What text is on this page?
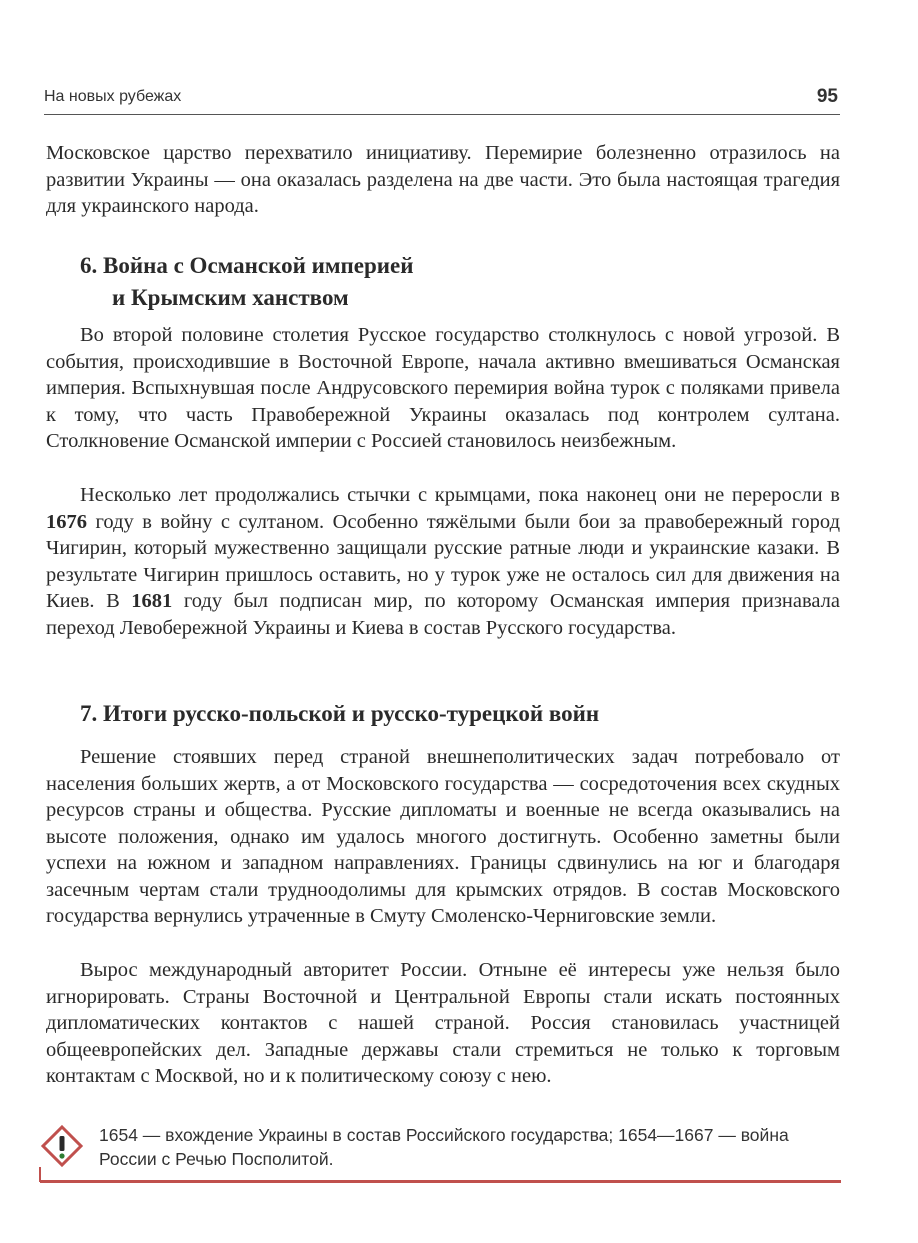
На новых рубежах	95

Московское царство перехватило инициативу. Перемирие болезненно отразилось на развитии Украины — она оказалась разделена на две части. Это была настоящая трагедия для украинского народа.

6. Война с Османской империей
и Крымским ханством

Во второй половине столетия Русское государство столкнулось с новой угрозой. В события, происходившие в Восточной Европе, начала активно вмешиваться Османская империя. Вспыхнувшая после Андрусовского перемирия война турок с поляками привела к тому, что часть Правобережной Украины оказалась под контролем султана. Столкновение Османской империи с Россией становилось неизбежным.

Несколько лет продолжались стычки с крымцами, пока наконец они не переросли в 1676 году в войну с султаном. Особенно тяжёлыми были бои за правобережный город Чигирин, который мужественно защищали русские ратные люди и украинские казаки. В результате Чигирин пришлось оставить, но у турок уже не осталось сил для движения на Киев. В 1681 году был подписан мир, по которому Османская империя признавала переход Левобережной Украины и Киева в состав Русского государства.

7. Итоги русско-польской и русско-турецкой войн

Решение стоявших перед страной внешнеполитических задач потребовало от населения больших жертв, а от Московского государства — сосредоточения всех скудных ресурсов страны и общества. Русские дипломаты и военные не всегда оказывались на высоте положения, однако им удалось многого достигнуть. Особенно заметны были успехи на южном и западном направлениях. Границы сдвинулись на юг и благодаря засечным чертам стали трудноодолимы для крымских отрядов. В состав Московского государства вернулись утраченные в Смуту Смоленско-Черниговские земли.

Вырос международный авторитет России. Отныне её интересы уже нельзя было игнорировать. Страны Восточной и Центральной Европы стали искать постоянных дипломатических контактов с нашей страной. Россия становилась участницей общеевропейских дел. Западные державы стали стремиться не только к торговым контактам с Москвой, но и к политическому союзу с нею.

1654 — вхождение Украины в состав Российского государства; 1654—1667 — война России с Речью Посполитой.
